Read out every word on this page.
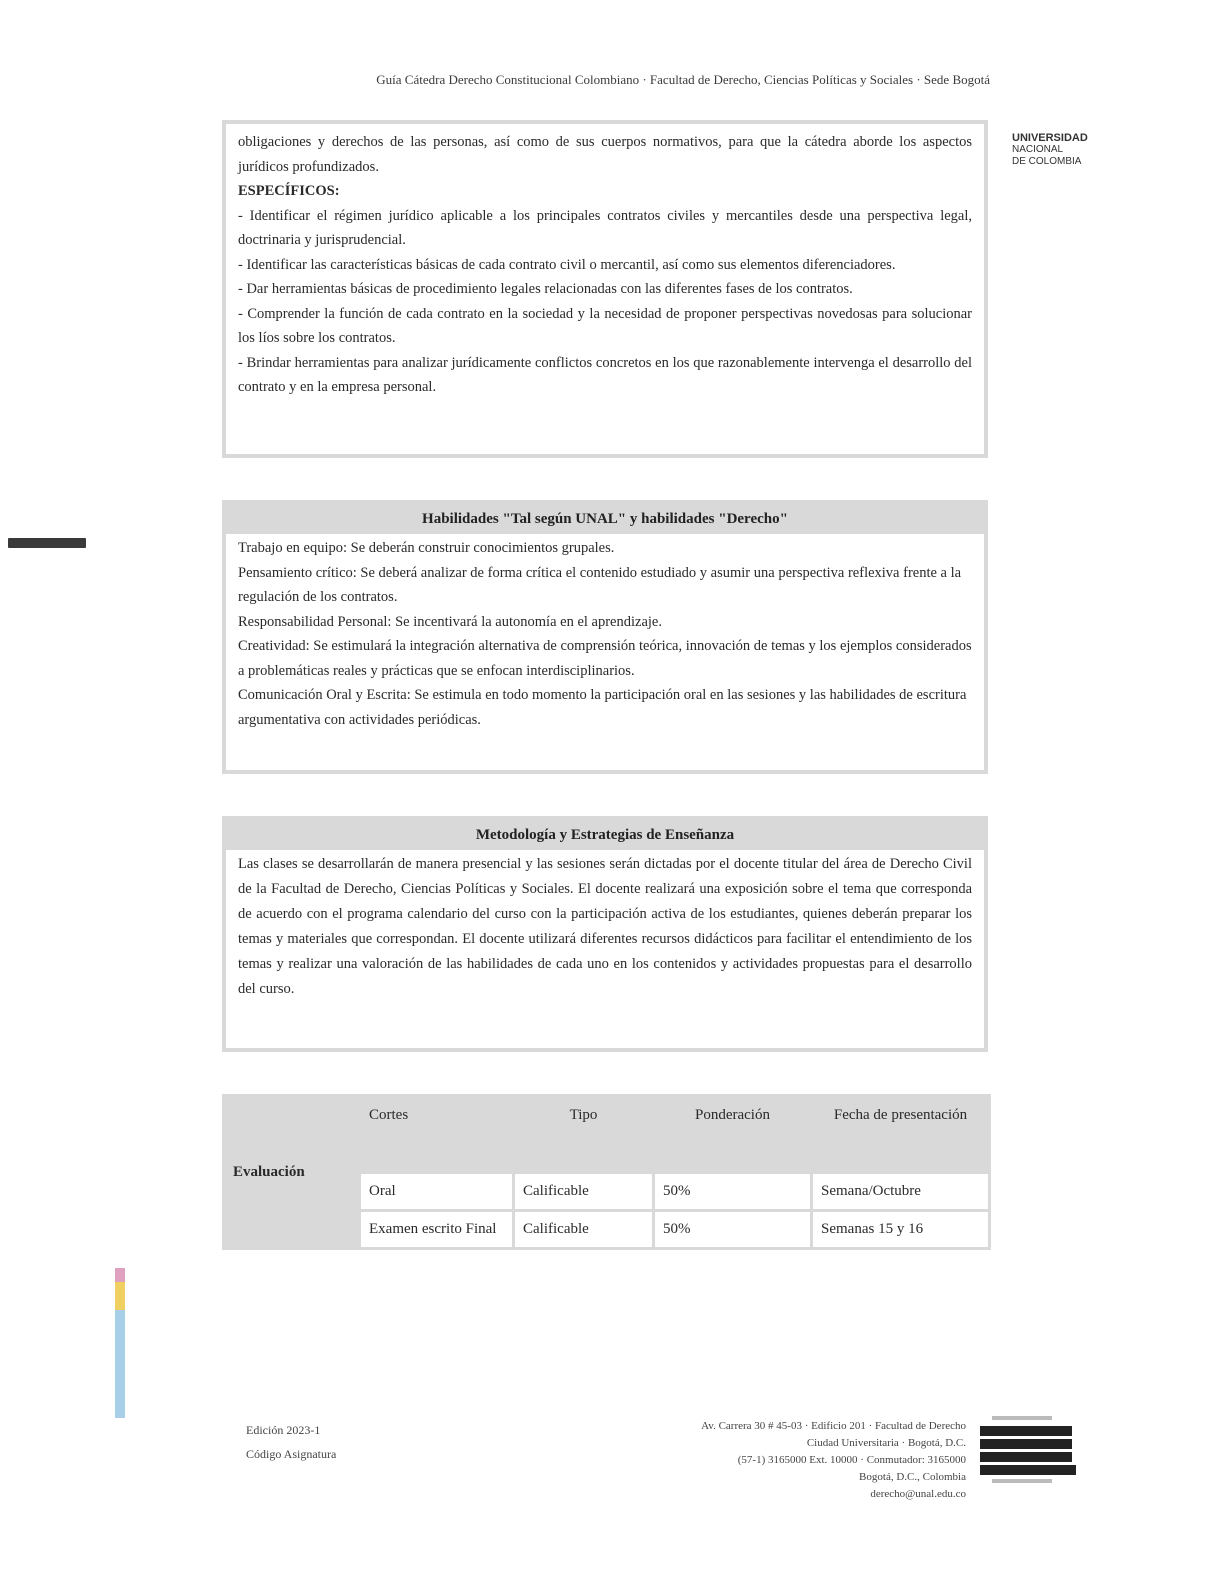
Guía Cátedra Derecho Constitucional Colombiano · Facultad de Derecho, Ciencias Políticas y Sociales · Sede Bogotá
UNIVERSIDAD
NACIONAL
DE COLOMBIA

obligaciones y derechos de las personas, así como de sus cuerpos normativos, para que la cátedra aborde los aspectos jurídicos profundizados.

ESPECÍFICOS:

- Identificar el régimen jurídico aplicable a los principales contratos civiles y mercantiles desde una perspectiva legal, doctrinaria y jurisprudencial.

- Identificar las características básicas de cada contrato civil o mercantil, así como sus elementos diferenciadores.

- Dar herramientas básicas de procedimiento legales relacionadas con las diferentes fases de los contratos.

- Comprender la función de cada contrato en la sociedad y la necesidad de proponer perspectivas novedosas para solucionar los líos sobre los contratos.

- Brindar herramientas para analizar jurídicamente conflictos concretos en los que razonablemente intervenga el desarrollo del contrato y en la empresa personal.

Habilidades "Tal según UNAL" y habilidades "Derecho"

Trabajo en equipo: Se deberán construir conocimientos grupales.

Pensamiento crítico: Se deberá analizar de forma crítica el contenido estudiado y asumir una perspectiva reflexiva frente a la regulación de los contratos.

Responsabilidad Personal: Se incentivará la autonomía en el aprendizaje.

Creatividad: Se estimulará la integración alternativa de comprensión teórica, innovación de temas y los ejemplos considerados a problemáticas reales y prácticas que se enfocan interdisciplinarios.

Comunicación Oral y Escrita: Se estimula en todo momento la participación oral en las sesiones y las habilidades de escritura argumentativa con actividades periódicas.

Metodología y Estrategias de Enseñanza

Las clases se desarrollarán de manera presencial y las sesiones serán dictadas por el docente titular del área de Derecho Civil de la Facultad de Derecho, Ciencias Políticas y Sociales. El docente realizará una exposición sobre el tema que corresponda de acuerdo con el programa calendario del curso con la participación activa de los estudiantes, quienes deberán preparar los temas y materiales que correspondan. El docente utilizará diferentes recursos didácticos para facilitar el entendimiento de los temas y realizar una valoración de las habilidades de cada uno en los contenidos y actividades propuestas para el desarrollo del curso.

Evaluación	Cortes	Tipo	Ponderación	Fecha de presentación
	Oral	Calificable	50%	Semana/Octubre
	Examen escrito Final	Calificable	50%	Semanas 15 y 16
Edición 2023-1
Código Asignatura
Av. Carrera 30 # 45-03 · Edificio 201 · Facultad de Derecho
Ciudad Universitaria · Bogotá, D.C.
(57-1) 3165000 Ext. 10000 · Conmutador: 3165000
Bogotá, D.C., Colombia
derecho@unal.edu.co
